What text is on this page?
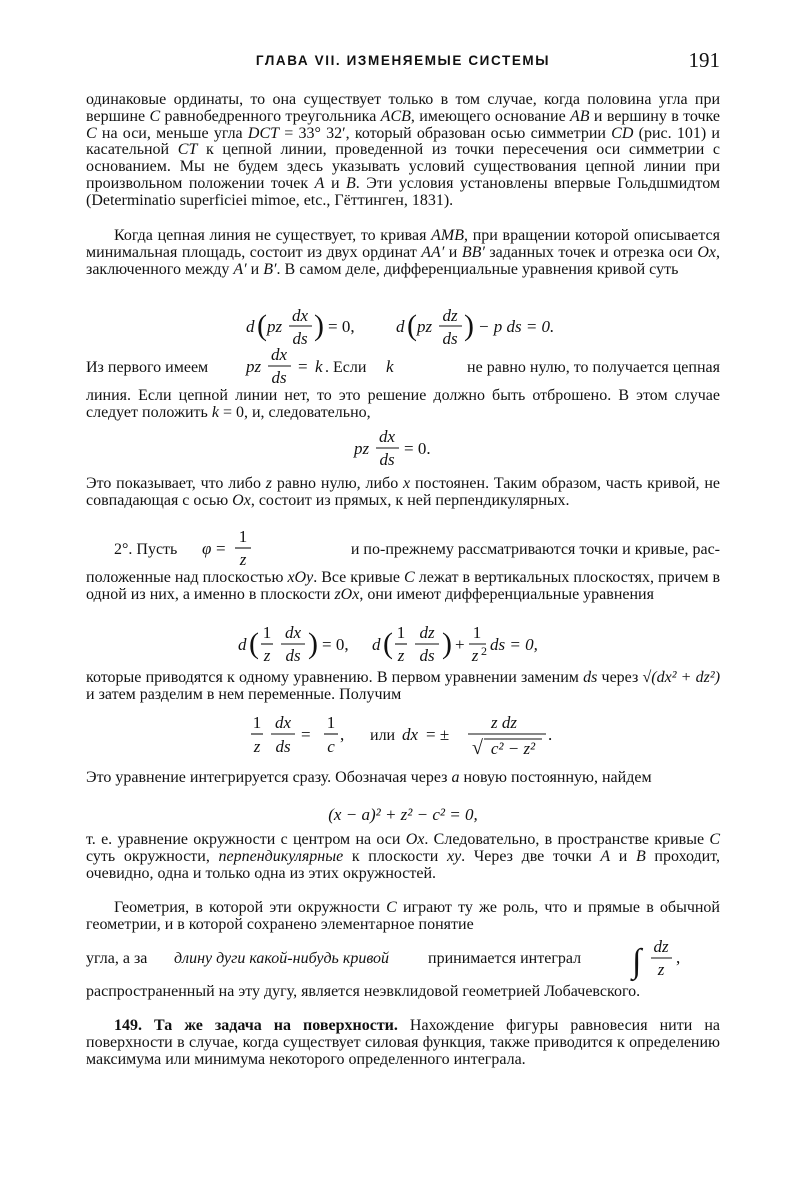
ГЛАВА VII. ИЗМЕНЯЕМЫЕ СИСТЕМЫ	191

одинаковые ординаты, то она существует только в том случае, когда половина угла при вершине C равнобедренного треугольника ACB, имеющего основание AB и вершину в точке C на оси, меньше угла DCT = 33° 32′, который образован осью симметрии CD (рис. 101) и касательной CT к цепной линии, проведенной из точки пересечения оси симметрии с основанием. Мы не будем здесь указывать условий существования цепной линии при произвольном положении точек A и B. Эти условия установлены впервые Гольдшмидтом (Determinatio superficiei mimoe, etc., Гёттинген, 1831).

Когда цепная линия не существует, то кривая AMB, при вращении которой описывается минимальная площадь, состоит из двух ординат AA′ и BB′ заданных точек и отрезка оси Ox, заключенного между A′ и B′. В самом деле, дифференциальные уравнения кривой суть

d ( pz
dx
ds ) = 0, d ( pz
dz
ds ) − p ds = 0.
Из первого имеем pz
dx
ds
= k . Если k	не равно нулю, то получается цепная

линия. Если цепной линии нет, то это решение должно быть отброшено. В этом случае следует положить k = 0, и, следовательно,

pz
dx
ds
= 0.

Это показывает, что либо z равно нулю, либо x постоянен. Таким образом, часть кривой, не совпадающая с осью Ox, состоит из прямых, к ней перпендикулярных.

2°. Пусть φ =
1
z
и по-прежнему рассматриваются точки и кривые, рас-

положенные над плоскостью xOy. Все кривые C лежат в вертикальных плоскостях, причем в одной из них, а именно в плоскости zOx, они имеют дифференциальные уравнения

d ( 1
z
dx
ds ) = 0, d ( 1
z
dz
ds ) +
1
z 2 ds = 0,

которые приводятся к одному уравнению. В первом уравнении заменим ds через √(dx² + dz²) и затем разделим в нем переменные. Получим

1
z
dx
ds
=
1
c
, или dx = ±
z dz
√ c² − z²
.

Это уравнение интегрируется сразу. Обозначая через a новую постоянную, найдем

(x − a)² + z² − c² = 0,

т. е. уравнение окружности с центром на оси Ox. Следовательно, в пространстве кривые C суть окружности, перпендикулярные к плоскости xy. Через две точки A и B проходит, очевидно, одна и только одна из этих окружностей.

Геометрия, в которой эти окружности C играют ту же роль, что и прямые в обычной геометрии, и в которой сохранено элементарное понятие

угла, а за длину дуги какой-нибудь кривой принимается интеграл ∫ dz
z
,

распространенный на эту дугу, является неэвклидовой геометрией Лобачевского.

149. Та же задача на поверхности. Нахождение фигуры равновесия нити на поверхности в случае, когда существует силовая функция, также приводится к определению максимума или минимума некоторого определенного интеграла.
